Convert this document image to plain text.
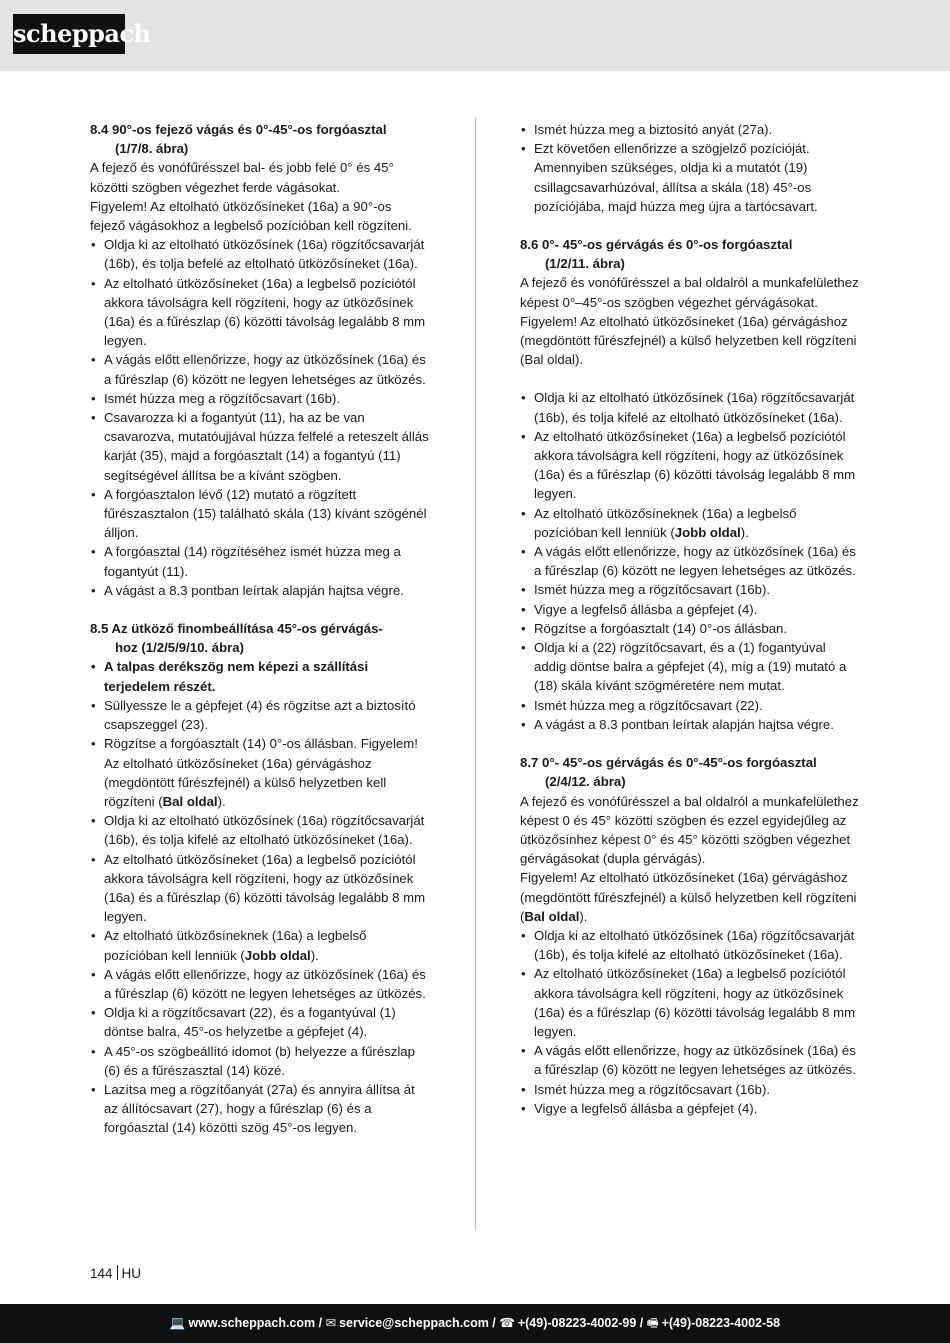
scheppach

8.4 90°-os fejező vágás és 0°-45°-os forgóasztal
(1/7/8. ábra)

A fejező és vonófűrésszel bal- és jobb felé 0° és 45° közötti szögben végezhet ferde vágásokat.

Figyelem! Az eltolható ütközősíneket (16a) a 90°-os fejező vágásokhoz a legbelső pozícióban kell rögzíteni.

• Oldja ki az eltolható ütközősínek (16a) rögzítőcsavarját (16b), és tolja befelé az eltolható ütközősíneket (16a).
• Az eltolható ütközősíneket (16a) a legbelső pozíciótól akkora távolságra kell rögzíteni, hogy az ütközősínek (16a) és a fűrészlap (6) közötti távolság legalább 8 mm legyen.
• A vágás előtt ellenőrizze, hogy az ütközősínek (16a) és a fűrészlap (6) között ne legyen lehetséges az ütközés.
• Ismét húzza meg a rögzítőcsavart (16b).
• Csavarozza ki a fogantyút (11), ha az be van csavarozva, mutatóujjával húzza felfelé a reteszelt állás karját (35), majd a forgóasztalt (14) a fogantyú (11) segítségével állítsa be a kívánt szögben.
• A forgóasztalon lévő (12) mutató a rögzített fűrészasztalon (15) található skála (13) kívánt szögénél álljon.
• A forgóasztal (14) rögzítéséhez ismét húzza meg a fogantyút (11).
• A vágást a 8.3 pontban leírtak alapján hajtsa végre.

8.5 Az ütköző finombeállítása 45°-os gérvágás-
hoz (1/2/5/9/10. ábra)

• A talpas derékszög nem képezi a szállítási terjedelem részét.
• Süllyessze le a gépfejet (4) és rögzítse azt a biztosító csapszeggel (23).
• Rögzítse a forgóasztalt (14) 0°-os állásban. Figyelem! Az eltolható ütközősíneket (16a) gérvágáshoz (megdöntött fűrészfejnél) a külső helyzetben kell rögzíteni (Bal oldal).
• Oldja ki az eltolható ütközősínek (16a) rögzítőcsavarját (16b), és tolja kifelé az eltolható ütközősíneket (16a).
• Az eltolható ütközősíneket (16a) a legbelső pozíciótól akkora távolságra kell rögzíteni, hogy az ütközősínek (16a) és a fűrészlap (6) közötti távolság legalább 8 mm legyen.
• Az eltolható ütközősíneknek (16a) a legbelső pozícióban kell lenniük (Jobb oldal).
• A vágás előtt ellenőrizze, hogy az ütközősínek (16a) és a fűrészlap (6) között ne legyen lehetséges az ütközés.
• Oldja ki a rögzítőcsavart (22), és a fogantyúval (1) döntse balra, 45°-os helyzetbe a gépfejet (4).
• A 45°-os szögbeállító idomot (b) helyezze a fűrészlap (6) és a fűrészasztal (14) közé.
• Lazítsa meg a rögzítőanyát (27a) és annyira állítsa át az állítócsavart (27), hogy a fűrészlap (6) és a forgóasztal (14) közötti szög 45°-os legyen.
• Ismét húzza meg a biztosító anyát (27a).
• Ezt követően ellenőrizze a szögjelző pozícióját. Amennyiben szükséges, oldja ki a mutatót (19) csillagcsavarhúzóval, állítsa a skála (18) 45°-os pozíciójába, majd húzza meg újra a tartócsavart.

8.6 0°- 45°-os gérvágás és 0°-os forgóasztal
(1/2/11. ábra)

A fejező és vonófűrésszel a bal oldalról a munkafelülethez képest 0°–45°-os szögben végezhet gérvágásokat.

Figyelem! Az eltolható ütközősíneket (16a) gérvágáshoz (megdöntött fűrészfejnél) a külső helyzetben kell rögzíteni (Bal oldal).

• Oldja ki az eltolható ütközősínek (16a) rögzítőcsavarját (16b), és tolja kifelé az eltolható ütközősíneket (16a).
• Az eltolható ütközősíneket (16a) a legbelső pozíciótól akkora távolságra kell rögzíteni, hogy az ütközősínek (16a) és a fűrészlap (6) közötti távolság legalább 8 mm legyen.
• Az eltolható ütközősíneknek (16a) a legbelső pozícióban kell lenniük (Jobb oldal).
• A vágás előtt ellenőrizze, hogy az ütközősínek (16a) és a fűrészlap (6) között ne legyen lehetséges az ütközés.
• Ismét húzza meg a rögzítőcsavart (16b).
• Vigye a legfelső állásba a gépfejet (4).
• Rögzítse a forgóasztalt (14) 0°-os állásban.
• Oldja ki a (22) rögzítőcsavart, és a (1) fogantyúval addig döntse balra a gépfejet (4), míg a (19) mutató a (18) skála kívánt szögméretére nem mutat.
• Ismét húzza meg a rögzítőcsavart (22).
• A vágást a 8.3 pontban leírtak alapján hajtsa végre.

8.7 0°- 45°-os gérvágás és 0°-45°-os forgóasztal
(2/4/12. ábra)

A fejező és vonófűrésszel a bal oldalról a munkafelülethez képest 0 és 45° közötti szögben és ezzel egyidejűleg az ütközősínhez képest 0° és 45° közötti szögben végezhet gérvágásokat (dupla gérvágás).

Figyelem! Az eltolható ütközősíneket (16a) gérvágáshoz (megdöntött fűrészfejnél) a külső helyzetben kell rögzíteni (Bal oldal).

• Oldja ki az eltolható ütközősínek (16a) rögzítőcsavarját (16b), és tolja kifelé az eltolható ütközősíneket (16a).
• Az eltolható ütközősíneket (16a) a legbelső pozíciótól akkora távolságra kell rögzíteni, hogy az ütközősínek (16a) és a fűrészlap (6) közötti távolság legalább 8 mm legyen.
• A vágás előtt ellenőrizze, hogy az ütközősínek (16a) és a fűrészlap (6) között ne legyen lehetséges az ütközés.
• Ismét húzza meg a rögzítőcsavart (16b).
• Vigye a legfelső állásba a gépfejet (4).
144 HU
💻 www.scheppach.com / ✉ service@scheppach.com / ☎ +(49)-08223-4002-99 / 🖷 +(49)-08223-4002-58
